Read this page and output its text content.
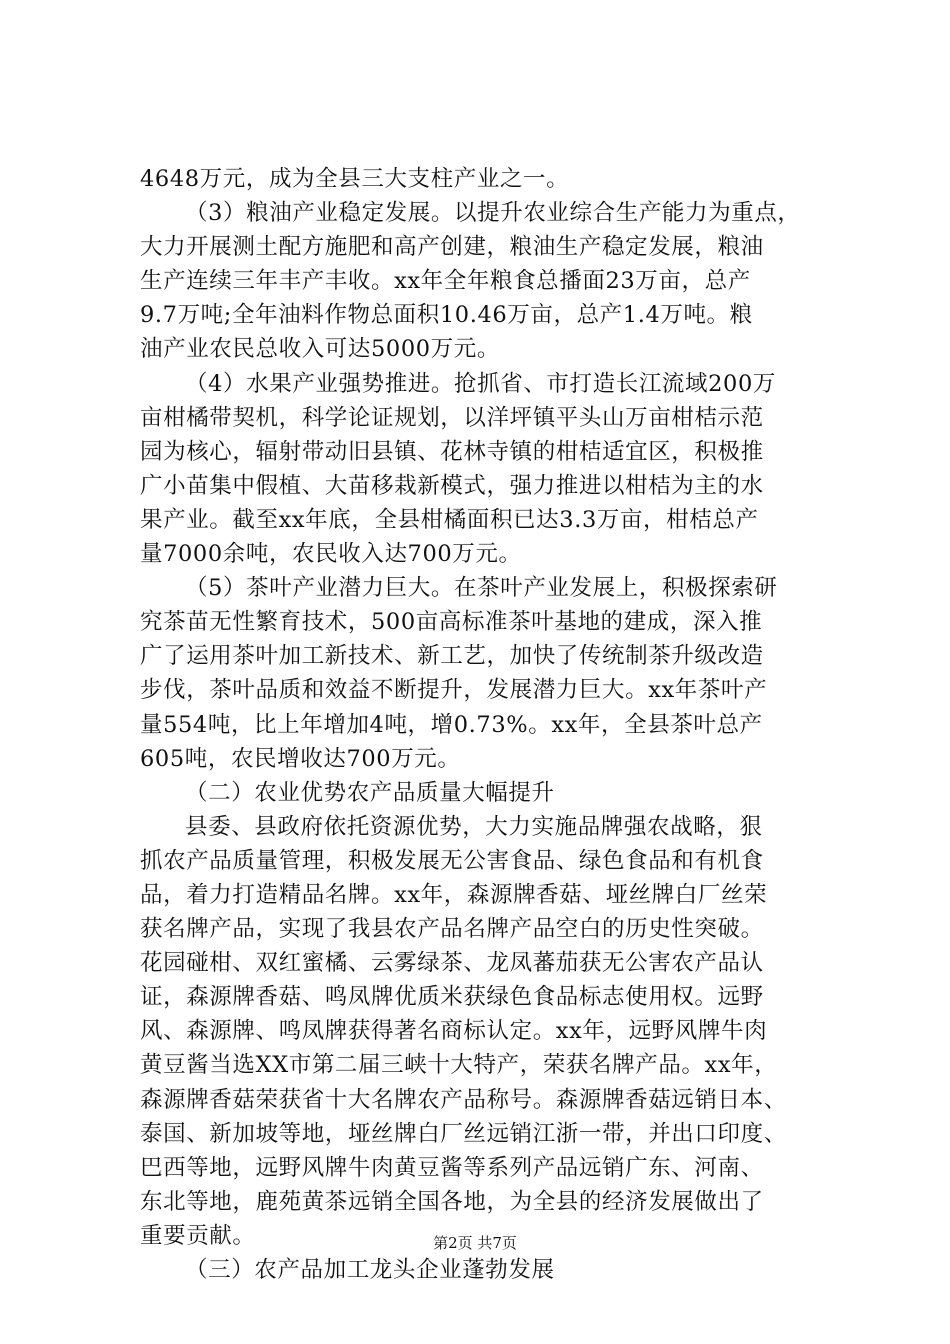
4648万元，成为全县三大支柱产业之一。
（3）粮油产业稳定发展。以提升农业综合生产能力为重点，
大力开展测土配方施肥和高产创建，粮油生产稳定发展，粮油
生产连续三年丰产丰收。xx年全年粮食总播面23万亩，总产
9.7万吨;全年油料作物总面积10.46万亩，总产1.4万吨。粮
油产业农民总收入可达5000万元。
（4）水果产业强势推进。抢抓省、市打造长江流域200万
亩柑橘带契机，科学论证规划，以洋坪镇平头山万亩柑桔示范
园为核心，辐射带动旧县镇、花林寺镇的柑桔适宜区，积极推
广小苗集中假植、大苗移栽新模式，强力推进以柑桔为主的水
果产业。截至xx年底，全县柑橘面积已达3.3万亩，柑桔总产
量7000余吨，农民收入达700万元。
（5）茶叶产业潜力巨大。在茶叶产业发展上，积极探索研
究茶苗无性繁育技术，500亩高标准茶叶基地的建成，深入推
广了运用茶叶加工新技术、新工艺，加快了传统制茶升级改造
步伐，茶叶品质和效益不断提升，发展潜力巨大。xx年茶叶产
量554吨，比上年增加4吨，增0.73%。xx年，全县茶叶总产
605吨，农民增收达700万元。
（二）农业优势农产品质量大幅提升
县委、县政府依托资源优势，大力实施品牌强农战略，狠
抓农产品质量管理，积极发展无公害食品、绿色食品和有机食
品，着力打造精品名牌。xx年，森源牌香菇、垭丝牌白厂丝荣
获名牌产品，实现了我县农产品名牌产品空白的历史性突破。
花园碰柑、双红蜜橘、云雾绿茶、龙凤蕃茄获无公害农产品认
证，森源牌香菇、鸣凤牌优质米获绿色食品标志使用权。远野
风、森源牌、鸣凤牌获得著名商标认定。xx年，远野风牌牛肉
黄豆酱当选XX市第二届三峡十大特产，荣获名牌产品。xx年，
森源牌香菇荣获省十大名牌农产品称号。森源牌香菇远销日本、
泰国、新加坡等地，垭丝牌白厂丝远销江浙一带，并出口印度、
巴西等地，远野风牌牛肉黄豆酱等系列产品远销广东、河南、
东北等地，鹿苑黄茶远销全国各地，为全县的经济发展做出了
重要贡献。
（三）农产品加工龙头企业蓬勃发展
第2页 共7页
